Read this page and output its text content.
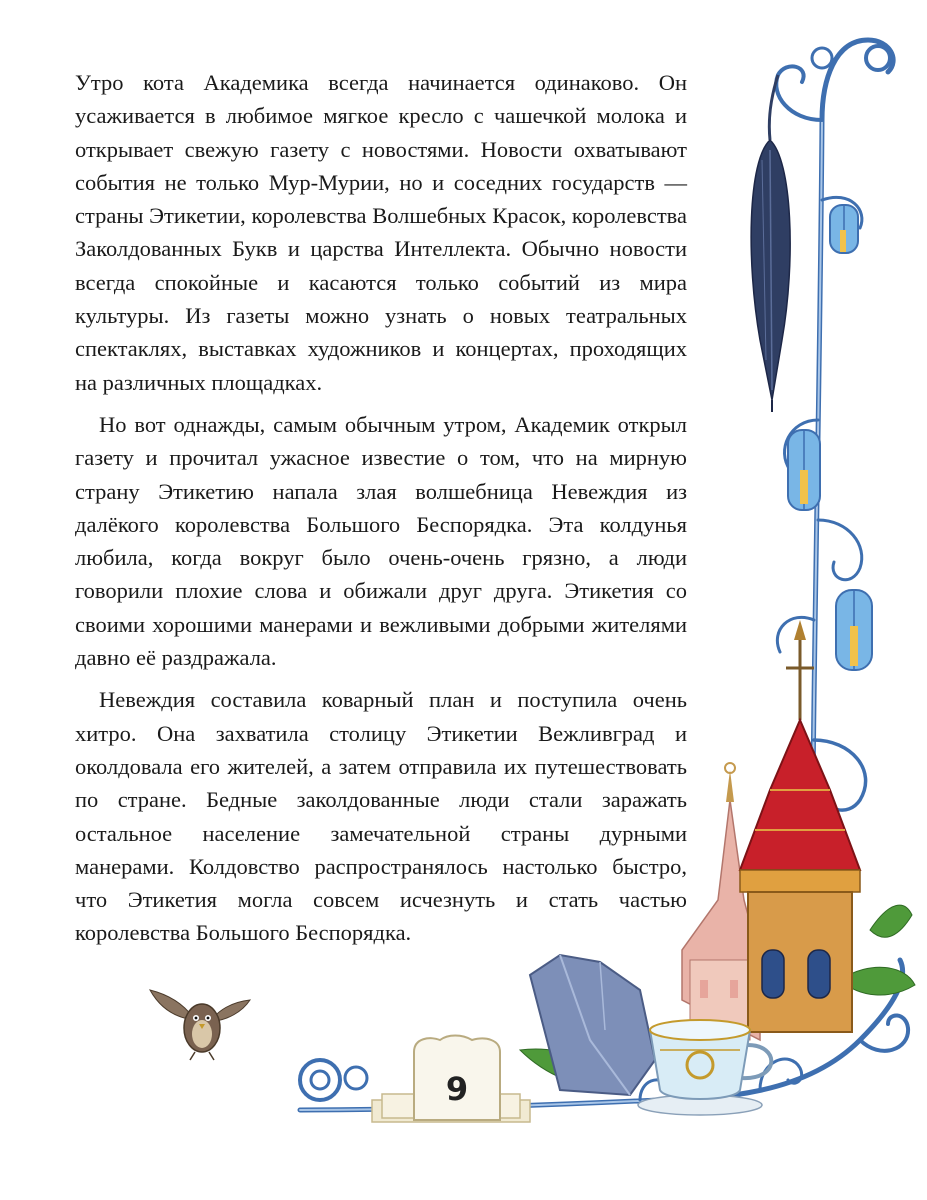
Утро кота Академика всегда начинается одинаково. Он усаживается в любимое мягкое кресло с чашечкой молока и открывает свежую газету с новостями. Новости охватывают события не только Мур-Мурии, но и соседних государств — страны Этикетии, королевства Волшебных Красок, королевства Заколдованных Букв и царства Интеллекта. Обычно новости всегда спокойные и касаются только событий из мира культуры. Из газеты можно узнать о новых театральных спектаклях, выставках художников и концертах, проходящих на различных площадках.

Но вот однажды, самым обычным утром, Академик открыл газету и прочитал ужасное известие о том, что на мирную страну Этикетию напала злая волшебница Невеждия из далёкого королевства Большого Беспорядка. Эта колдунья любила, когда вокруг было очень-очень грязно, а люди говорили плохие слова и обижали друг друга. Этикетия со своими хорошими манерами и вежливыми добрыми жителями давно её раздражала.

Невеждия составила коварный план и поступила очень хитро. Она захватила столицу Этикетии Вежливград и околдовала его жителей, а затем отправила их путешествовать по стране. Бедные заколдованные люди стали заражать остальное население замечательной страны дурными манерами. Колдовство распространялось настолько быстро, что Этикетия могла совсем исчезнуть и стать частью королевства Большого Беспорядка.

9
